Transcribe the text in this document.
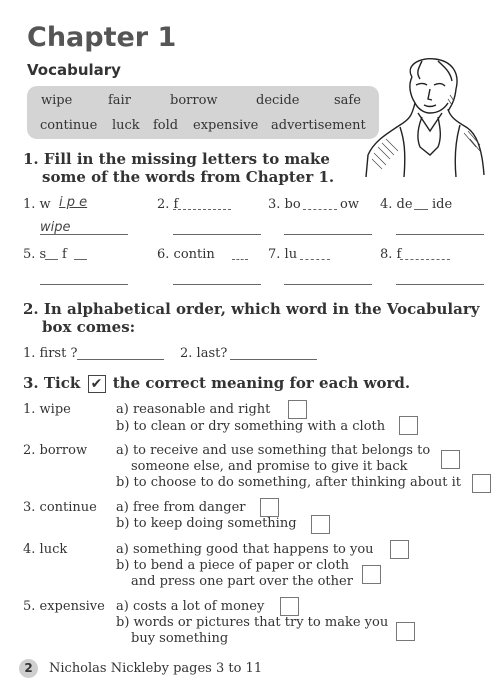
Chapter 1
Vocabulary
wipe	fair	borrow	decide	safe
continue luck fold expensive advertisement
1. Fill in the missing letters to make
some of the words from Chapter 1.
1. w i p e	2. f	3. bo	ow 4. de ide
wipe
5. s f	6. contin	7. lu	8. f
2. In alphabetical order, which word in the Vocabulary
box comes:
1. first ?	2. last?
3. Tick ✔ the correct meaning for each word.
1. wipe	a) reasonable and right
b) to clean or dry something with a cloth
2. borrow a) to receive and use something that belongs to
someone else, and promise to give it back
b) to choose to do something, after thinking about it
3. continue a) free from danger
b) to keep doing something
4. luck	a) something good that happens to you
b) to bend a piece of paper or cloth
and press one part over the other
5. expensive a) costs a lot of money
b) words or pictures that try to make you
buy something
2	Nicholas Nickleby pages 3 to 11
